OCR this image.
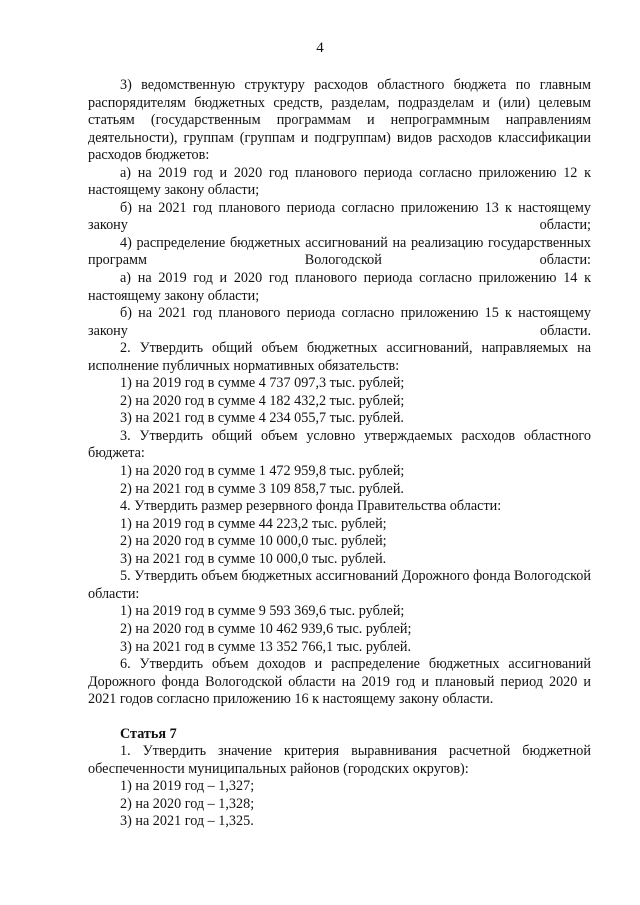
4

3) ведомственную структуру расходов областного бюджета по главным распорядителям бюджетных средств, разделам, подразделам и (или) целевым статьям (государственным программам и непрограммным направлениям деятельности), группам (группам и подгруппам) видов расходов классификации расходов бюджетов:

а) на 2019 год и 2020 год планового периода согласно приложению 12 к настоящему закону области;

б) на 2021 год планового периода согласно приложению 13 к настоящему закону области;

4) распределение бюджетных ассигнований на реализацию государственных программ Вологодской области:

а) на 2019 год и 2020 год планового периода согласно приложению 14 к настоящему закону области;

б) на 2021 год планового периода согласно приложению 15 к настоящему закону области.

2. Утвердить общий объем бюджетных ассигнований, направляемых на исполнение публичных нормативных обязательств:

1) на 2019 год в сумме 4 737 097,3 тыс. рублей;

2) на 2020 год в сумме 4 182 432,2 тыс. рублей;

3) на 2021 год в сумме 4 234 055,7 тыс. рублей.

3. Утвердить общий объем условно утверждаемых расходов областного бюджета:

1) на 2020 год в сумме 1 472 959,8 тыс. рублей;

2) на 2021 год в сумме 3 109 858,7 тыс. рублей.

4. Утвердить размер резервного фонда Правительства области:

1) на 2019 год в сумме 44 223,2 тыс. рублей;

2) на 2020 год в сумме 10 000,0 тыс. рублей;

3) на 2021 год в сумме 10 000,0 тыс. рублей.

5. Утвердить объем бюджетных ассигнований Дорожного фонда Вологодской области:

1) на 2019 год в сумме 9 593 369,6 тыс. рублей;

2) на 2020 год в сумме 10 462 939,6 тыс. рублей;

3) на 2021 год в сумме 13 352 766,1 тыс. рублей.

6. Утвердить объем доходов и распределение бюджетных ассигнований Дорожного фонда Вологодской области на 2019 год и плановый период 2020 и 2021 годов согласно приложению 16 к настоящему закону области.

Статья 7

1. Утвердить значение критерия выравнивания расчетной бюджетной обеспеченности муниципальных районов (городских округов):

1) на 2019 год – 1,327;

2) на 2020 год – 1,328;

3) на 2021 год – 1,325.
